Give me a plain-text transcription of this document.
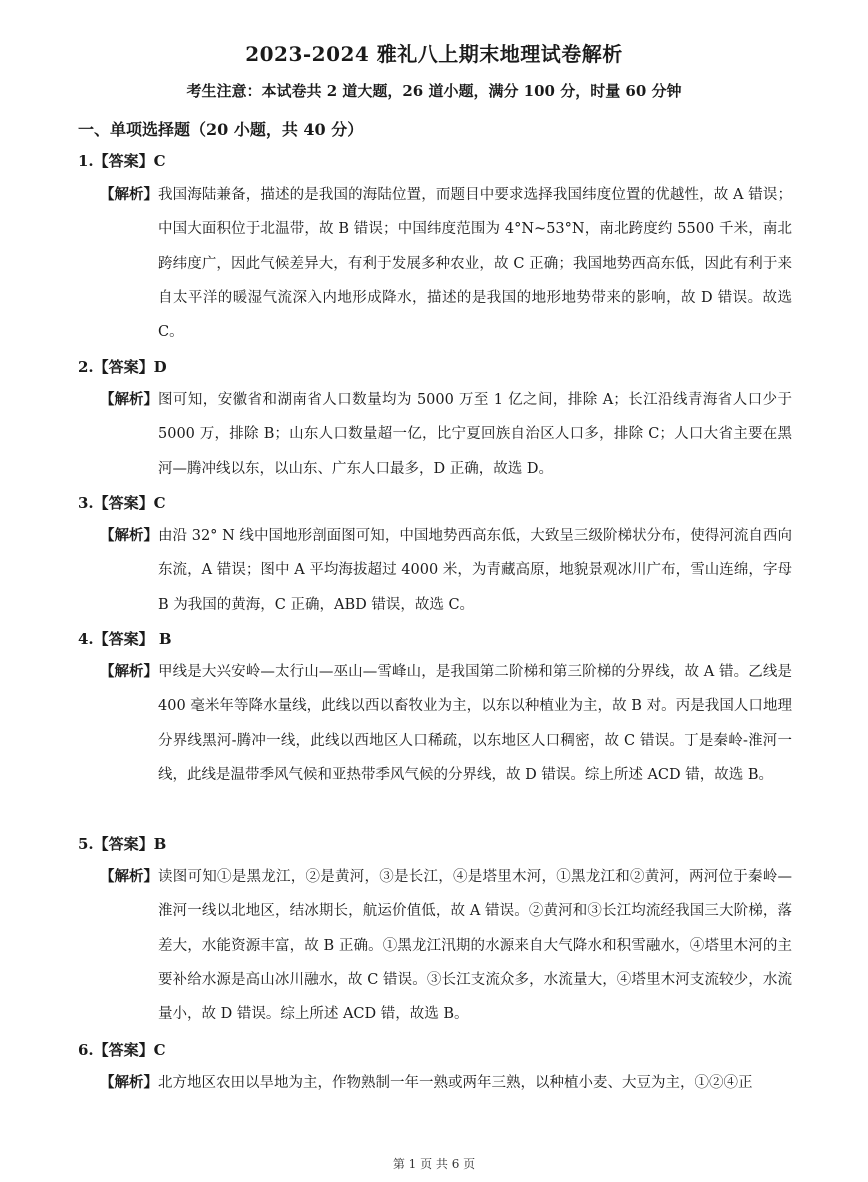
2023-2024 雅礼八上期末地理试卷解析
考生注意：本试卷共 2 道大题，26 道小题，满分 100 分，时量 60 分钟
一、单项选择题（20 小题，共 40 分）
1.【答案】C
【解析】 我国海陆兼备，描述的是我国的海陆位置，而题目中要求选择我国纬度位置的优越性，故 A 错误；中国大面积位于北温带，故 B 错误；中国纬度范围为 4°N~53°N，南北跨度约 5500 千米，南北跨纬度广，因此气候差异大，有利于发展多种农业，故 C 正确；我国地势西高东低，因此有利于来自太平洋的暖湿气流深入内地形成降水，描述的是我国的地形地势带来的影响，故 D 错误。故选 C。
2.【答案】D
【解析】 图可知，安徽省和湖南省人口数量均为 5000 万至 1 亿之间，排除 A；长江沿线青海省人口少于 5000 万，排除 B；山东人口数量超一亿，比宁夏回族自治区人口多，排除 C；人口大省主要在黑河—腾冲线以东，以山东、广东人口最多，D 正确，故选 D。
3.【答案】C
【解析】 由沿 32° N 线中国地形剖面图可知，中国地势西高东低，大致呈三级阶梯状分布，使得河流自西向东流，A 错误；图中 A 平均海拔超过 4000 米，为青藏高原，地貌景观冰川广布，雪山连绵，字母 B 为我国的黄海，C 正确，ABD 错误，故选 C。
4.【答案】 B
【解析】 甲线是大兴安岭—太行山—巫山—雪峰山，是我国第二阶梯和第三阶梯的分界线，故 A 错。乙线是 400 毫米年等降水量线，此线以西以畜牧业为主，以东以种植业为主，故 B 对。丙是我国人口地理分界线黑河-腾冲一线，此线以西地区人口稀疏，以东地区人口稠密，故 C 错误。丁是秦岭-淮河一线，此线是温带季风气候和亚热带季风气候的分界线，故 D 错误。综上所述 ACD 错，故选 B。
5.【答案】B
【解析】 读图可知①是黑龙江，②是黄河，③是长江，④是塔里木河，①黑龙江和②黄河，两河位于秦岭—淮河一线以北地区，结冰期长，航运价值低，故 A 错误。②黄河和③长江均流经我国三大阶梯，落差大，水能资源丰富，故 B 正确。①黑龙江汛期的水源来自大气降水和积雪融水，④塔里木河的主要补给水源是高山冰川融水，故 C 错误。③长江支流众多，水流量大，④塔里木河支流较少，水流量小，故 D 错误。综上所述 ACD 错，故选 B。
6.【答案】C
【解析】 北方地区农田以旱地为主，作物熟制一年一熟或两年三熟，以种植小麦、大豆为主，①②④正
第 1 页 共 6 页
